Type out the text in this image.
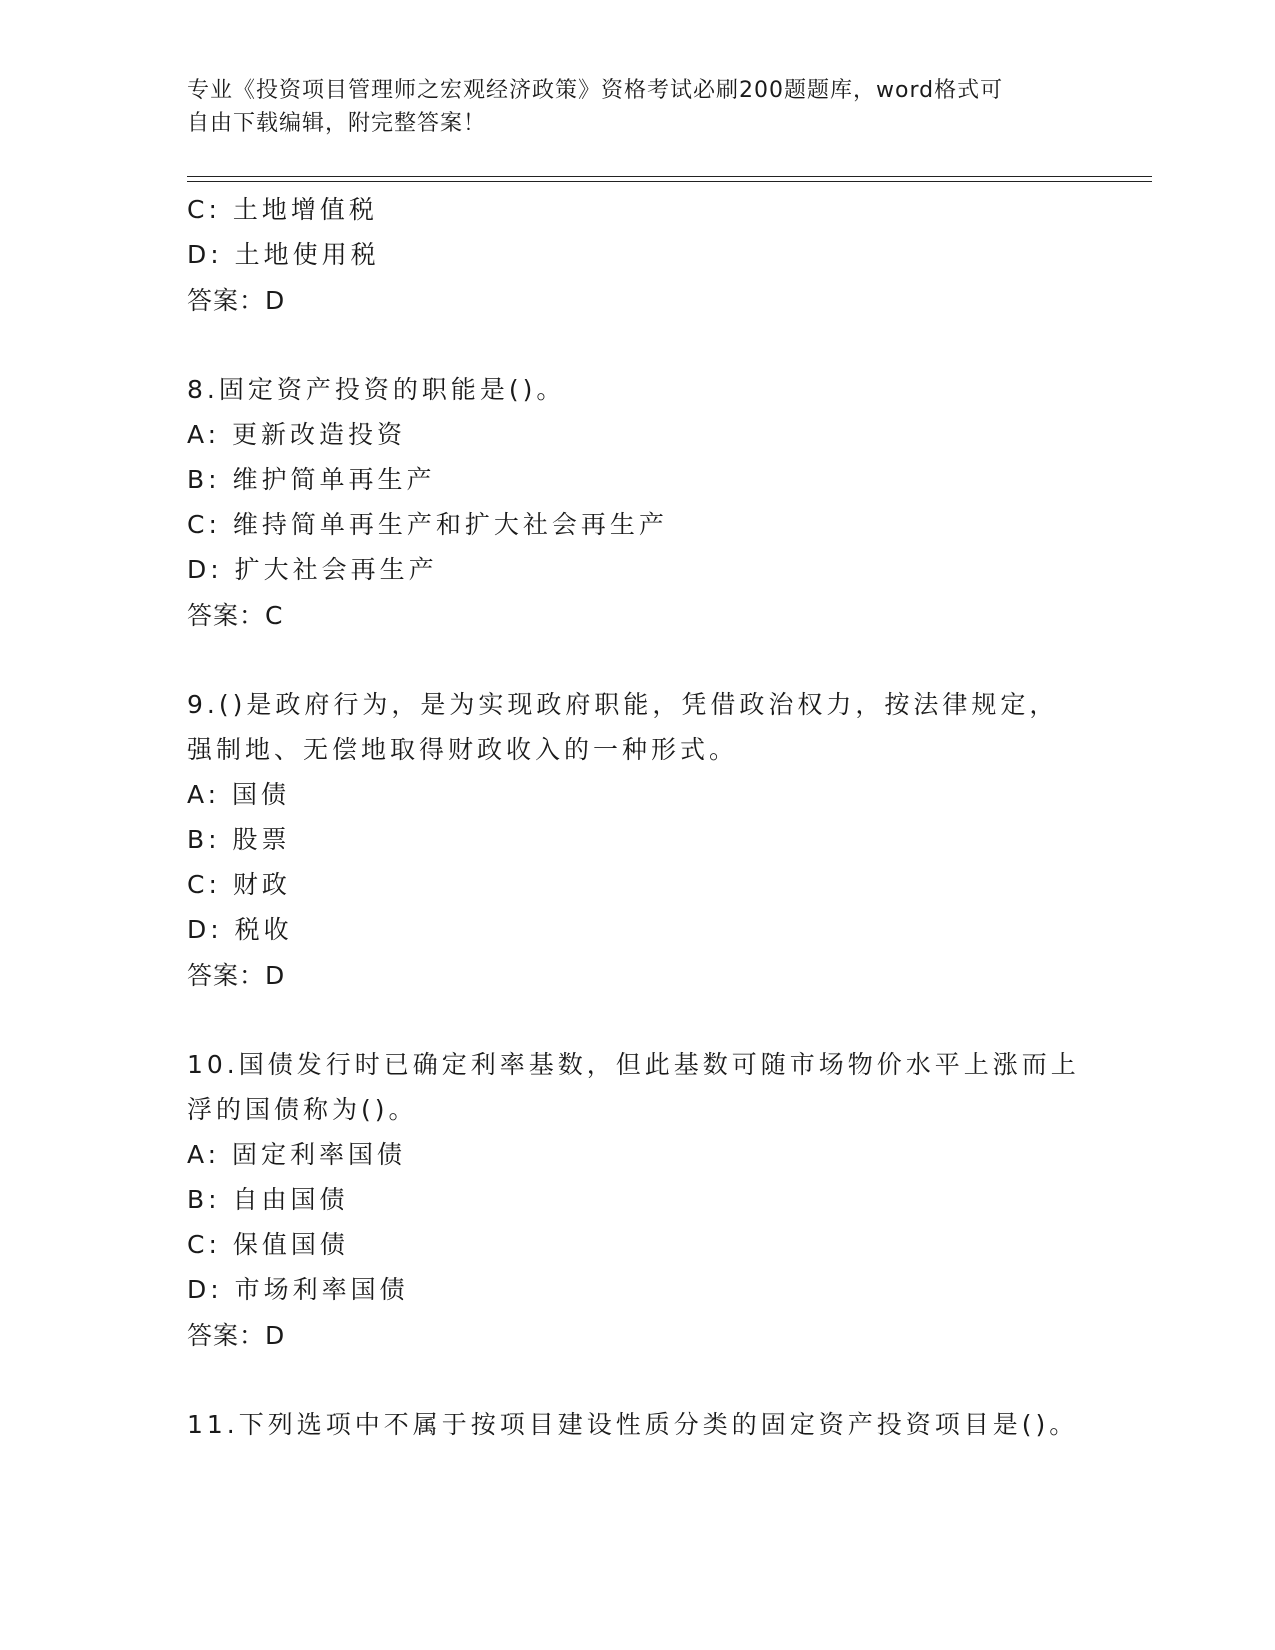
专业《投资项目管理师之宏观经济政策》资格考试必刷200题题库，word格式可
自由下载编辑，附完整答案！
C: 土地增值税
D: 土地使用税
答案：D
8.固定资产投资的职能是()。
A: 更新改造投资
B: 维护简单再生产
C: 维持简单再生产和扩大社会再生产
D: 扩大社会再生产
答案：C
9.()是政府行为，是为实现政府职能，凭借政治权力，按法律规定，
强制地、无偿地取得财政收入的一种形式。
A: 国债
B: 股票
C: 财政
D: 税收
答案：D
10.国债发行时已确定利率基数，但此基数可随市场物价水平上涨而上
浮的国债称为()。
A: 固定利率国债
B: 自由国债
C: 保值国债
D: 市场利率国债
答案：D
11.下列选项中不属于按项目建设性质分类的固定资产投资项目是()。
